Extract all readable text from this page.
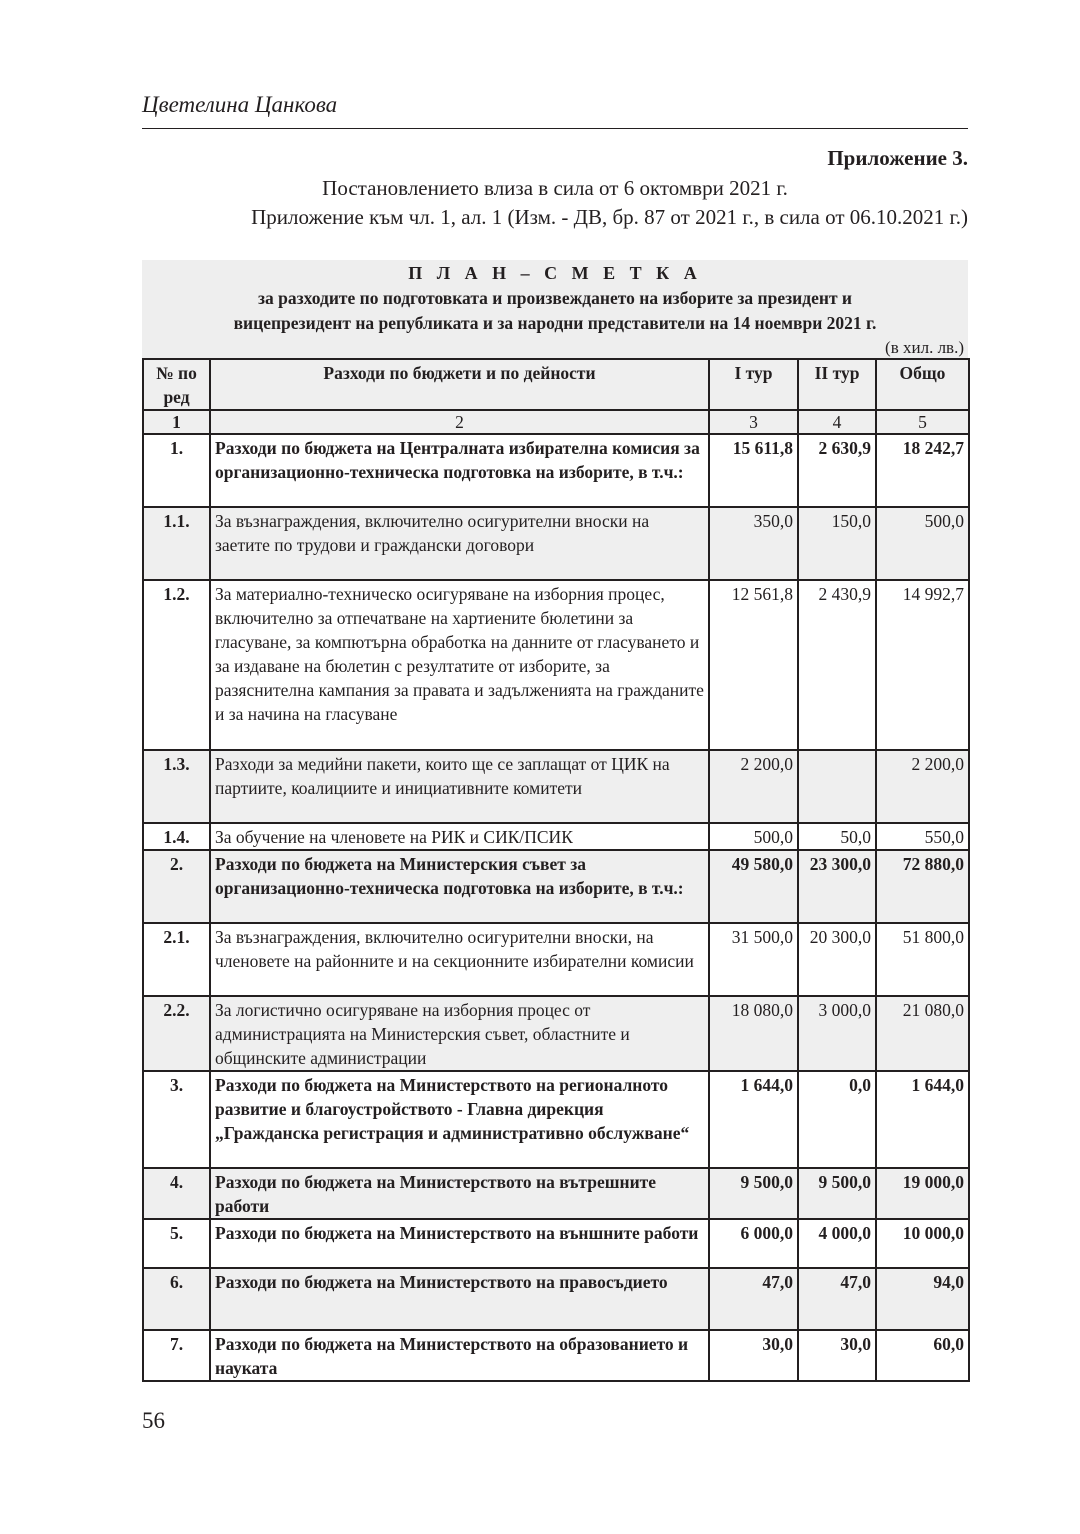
Цветелина Цанкова
Приложение 3.
Постановлението влиза в сила от 6 октомври 2021 г.
Приложение към чл. 1, ал. 1 (Изм. - ДВ, бр. 87 от 2021 г., в сила от 06.10.2021 г.)
П Л А Н – С М Е Т К А
за разходите по подготовката и произвеждането на изборите за президент и
вицепрезидент на републиката и за народни представители на 14 ноември 2021 г.
(в хил. лв.)
№ по ред	Разходи по бюджети и по дейности	I тур	II тур	Общо
1	2	3	4	5
1.	Разходи по бюджета на Централната избирателна комисия за организационно-техническа подготовка на изборите, в т.ч.:	15 611,8	2 630,9	18 242,7
1.1.	За възнаграждения, включително осигурителни вноски на заетите по трудови и граждански договори	350,0	150,0	500,0
1.2.	За материално-техническо осигуряване на изборния процес, включително за отпечатване на хартиените бюлетини за гласуване, за компютърна обработка на данните от гласуването и за издаване на бюлетин с резултатите от изборите, за разяснителна кампания за правата и задълженията на гражданите и за начина на гласуване	12 561,8	2 430,9	14 992,7
1.3.	Разходи за медийни пакети, които ще се заплащат от ЦИК на партиите, коалициите и инициативните комитети	2 200,0		2 200,0
1.4.	За обучение на членовете на РИК и СИК/ПСИК	500,0	50,0	550,0
2.	Разходи по бюджета на Министерския съвет за организационно-техническа подготовка на изборите, в т.ч.:	49 580,0	23 300,0	72 880,0
2.1.	За възнаграждения, включително осигурителни вноски, на членовете на районните и на секционните избирателни комисии	31 500,0	20 300,0	51 800,0
2.2.	За логистично осигуряване на изборния процес от администрацията на Министерския съвет, областните и общинските администрации	18 080,0	3 000,0	21 080,0
3.	Разходи по бюджета на Министерството на регионалното развитие и благоустройството - Главна дирекция „Гражданска регистрация и административно обслужване“	1 644,0	0,0	1 644,0
4.	Разходи по бюджета на Министерството на вътрешните работи	9 500,0	9 500,0	19 000,0
5.	Разходи по бюджета на Министерството на външните работи	6 000,0	4 000,0	10 000,0
6.	Разходи по бюджета на Министерството на правосъдието	47,0	47,0	94,0
7.	Разходи по бюджета на Министерството на образованието и науката	30,0	30,0	60,0
56
